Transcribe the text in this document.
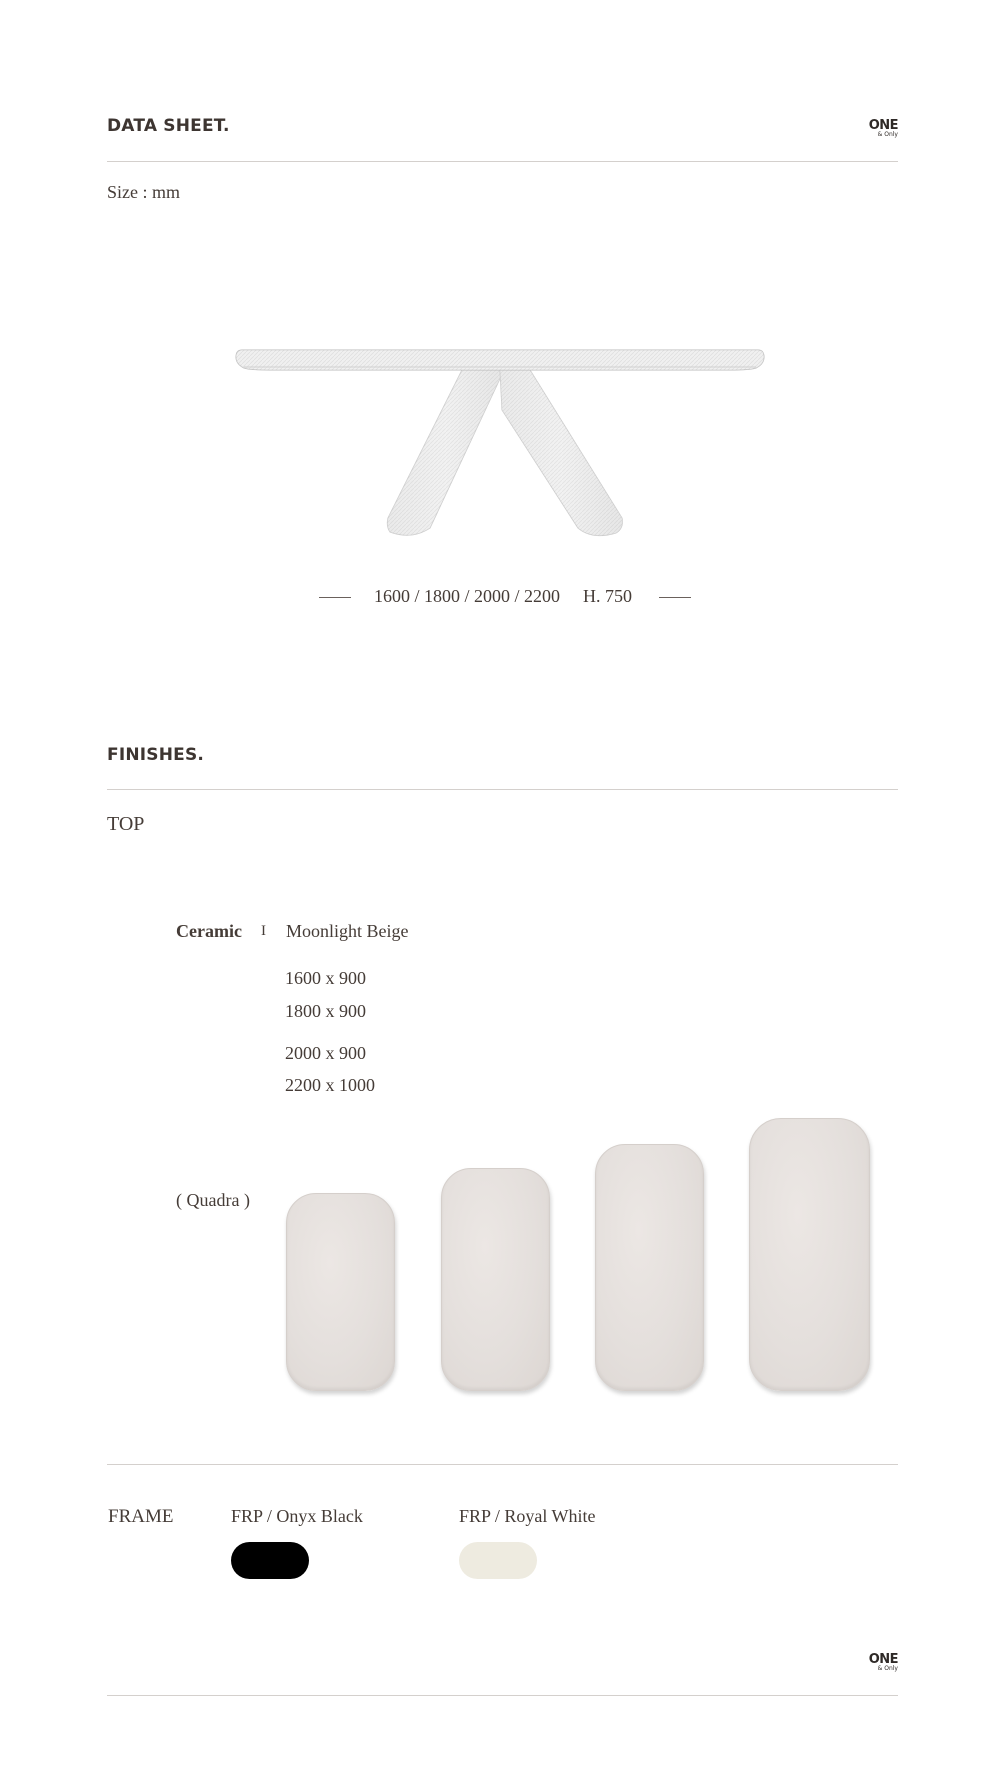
DATA SHEET.	ONE
& Only
Size : mm
1600 / 1800 / 2000 / 2200 H. 750
FINISHES.
TOP
Ceramic I Moonlight Beige
1600 x 900
1800 x 900
2000 x 900
2200 x 1000
( Quadra )
FRAME	FRP / Onyx Black	FRP / Royal White
ONE
& Only
